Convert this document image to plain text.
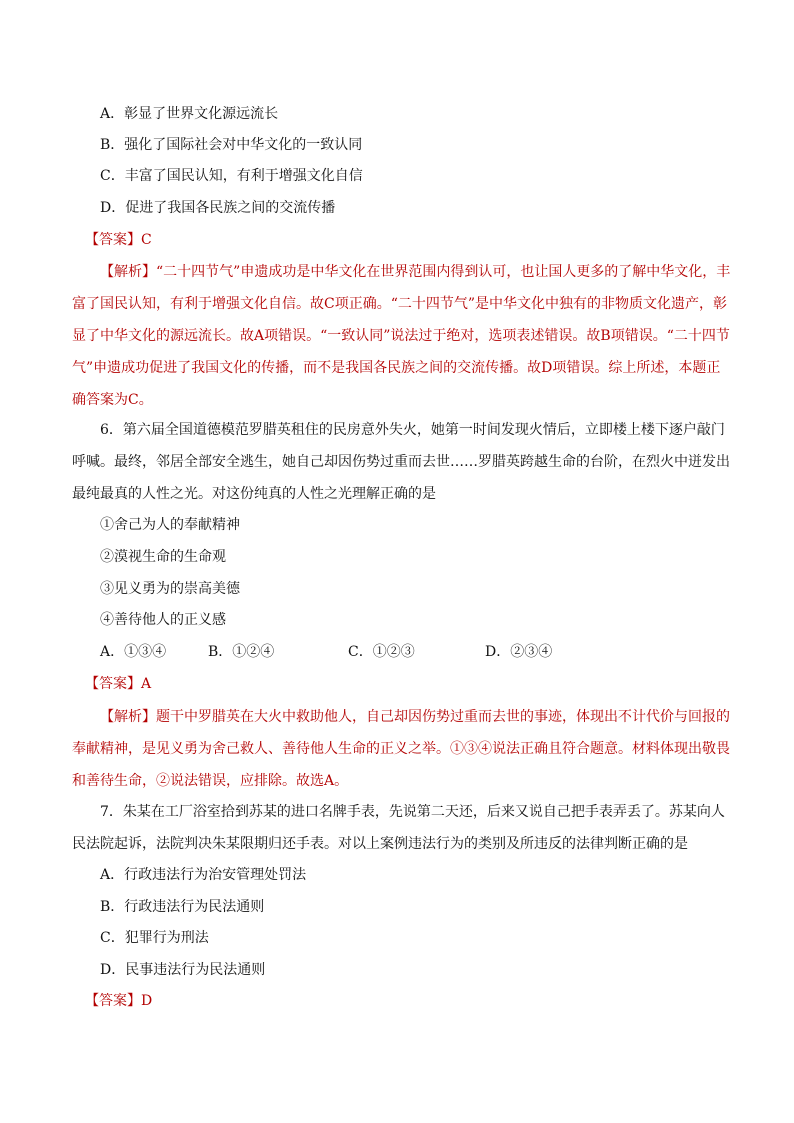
A．彰显了世界文化源远流长
B．强化了国际社会对中华文化的一致认同
C．丰富了国民认知，有利于增强文化自信
D．促进了我国各民族之间的交流传播
【答案】C
【解析】“二十四节气”申遗成功是中华文化在世界范围内得到认可，也让国人更多的了解中华文化，丰富了国民认知，有利于增强文化自信。故C项正确。“二十四节气”是中华文化中独有的非物质文化遗产，彰显了中华文化的源远流长。故A项错误。“一致认同”说法过于绝对，选项表述错误。故B项错误。“二十四节气”申遗成功促进了我国文化的传播，而不是我国各民族之间的交流传播。故D项错误。综上所述，本题正确答案为C。
6．第六届全国道德模范罗腊英租住的民房意外失火，她第一时间发现火情后，立即楼上楼下逐户敲门呼喊。最终，邻居全部安全逃生，她自己却因伤势过重而去世……罗腊英跨越生命的台阶，在烈火中迸发出最纯最真的人性之光。对这份纯真的人性之光理解正确的是
①舍己为人的奉献精神
②漠视生命的生命观
③见义勇为的崇高美德
④善待他人的正义感
A．①③④	B．①②④	C．①②③	D．②③④
【答案】A
【解析】题干中罗腊英在大火中救助他人，自己却因伤势过重而去世的事迹，体现出不计代价与回报的奉献精神，是见义勇为舍己救人、善待他人生命的正义之举。①③④说法正确且符合题意。材料体现出敬畏和善待生命，②说法错误，应排除。故选A。
7．朱某在工厂浴室拾到苏某的进口名牌手表，先说第二天还，后来又说自己把手表弄丢了。苏某向人民法院起诉，法院判决朱某限期归还手表。对以上案例违法行为的类别及所违反的法律判断正确的是
A．行政违法行为治安管理处罚法
B．行政违法行为民法通则
C．犯罪行为刑法
D．民事违法行为民法通则
【答案】D
